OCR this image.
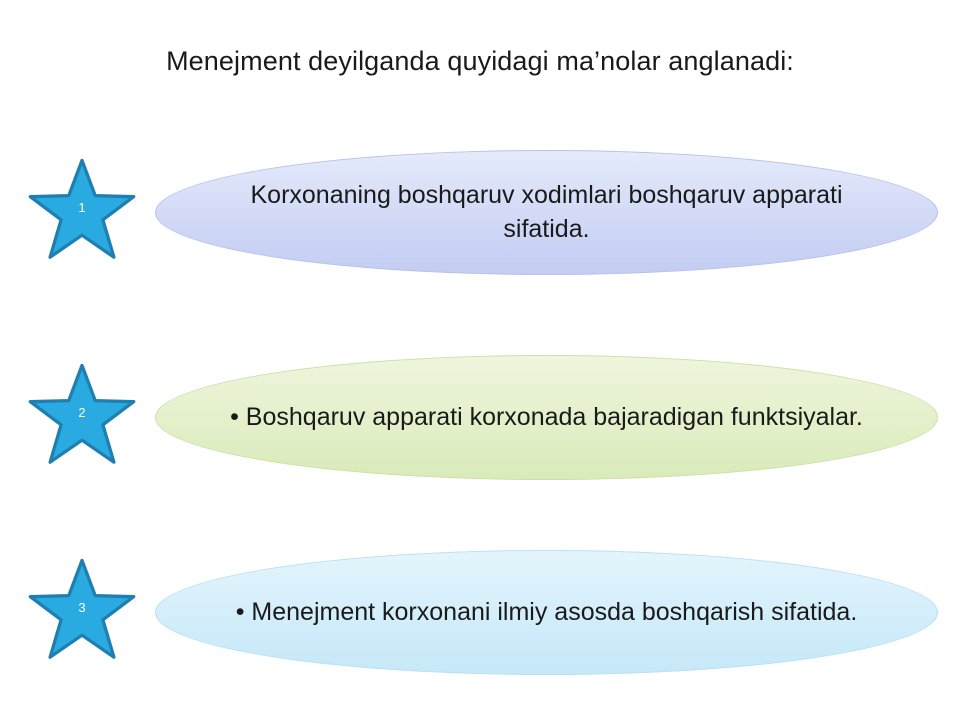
Menejment deyilganda quyidagi ma’nolar anglanadi:
1	Korxonaning boshqaruv xodimlari boshqaruv apparati sifatida.
2	• Boshqaruv apparati korxonada bajaradigan funktsiyalar.
3	• Menejment korxonani ilmiy asosda boshqarish sifatida.
